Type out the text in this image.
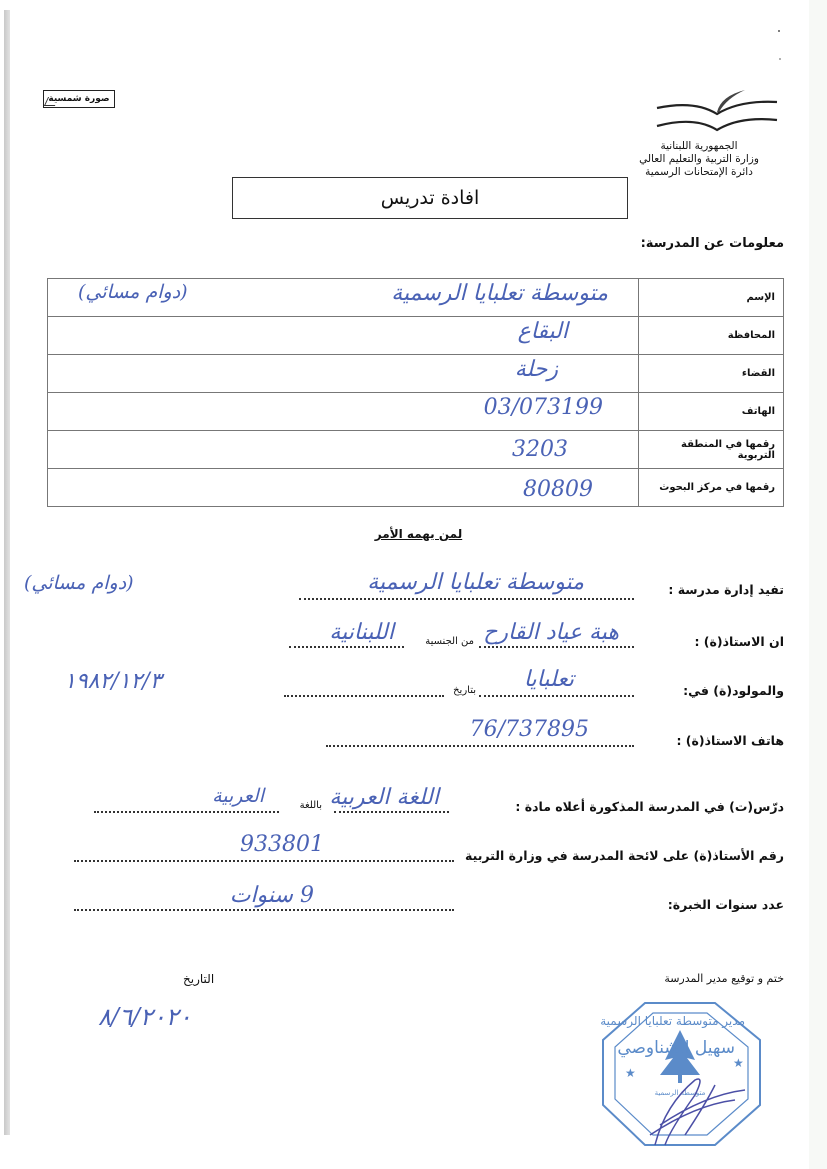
صورة شمسية
الجمهورية اللبنانية
وزارة التربية والتعليم العالي
دائرة الإمتحانات الرسمية
افادة تدريس
معلومات عن المدرسة:
الإسم	متوسطة تعلبايا الرسمية
(دوام مسائي)

المحافظة	البقاع

القضاء	زحلة

الهاتف	03/073199

رقمها في المنطقة التربوية	3203

رقمها في مركز البحوث	80809
لمن يهمه الأمر
تفيد إدارة مدرسة :
متوسطة تعلبايا الرسمية
(دوام مسائي)
ان الاستاذ(ة) :
هبة عياد القارح
من الجنسية
اللبنانية
والمولود(ة) في:
تعلبايا
بتاريخ
١٩٨٢/١٢/٣
هاتف الاستاذ(ة) :
76/737895
درّس(ت) في المدرسة المذكورة أعلاه مادة :
اللغة العربية
باللغة
العربية
رقم الأستاذ(ة) على لائحة المدرسة في وزارة التربية
933801
عدد سنوات الخبرة:
9 سنوات
ختم و توقيع مدير المدرسة
التاريخ
٨/٦/٢٠٢٠
★
★
متوسطة الرسمية
مدير متوسطة تعلبايا الرسمية
سهيل الشناوصي
